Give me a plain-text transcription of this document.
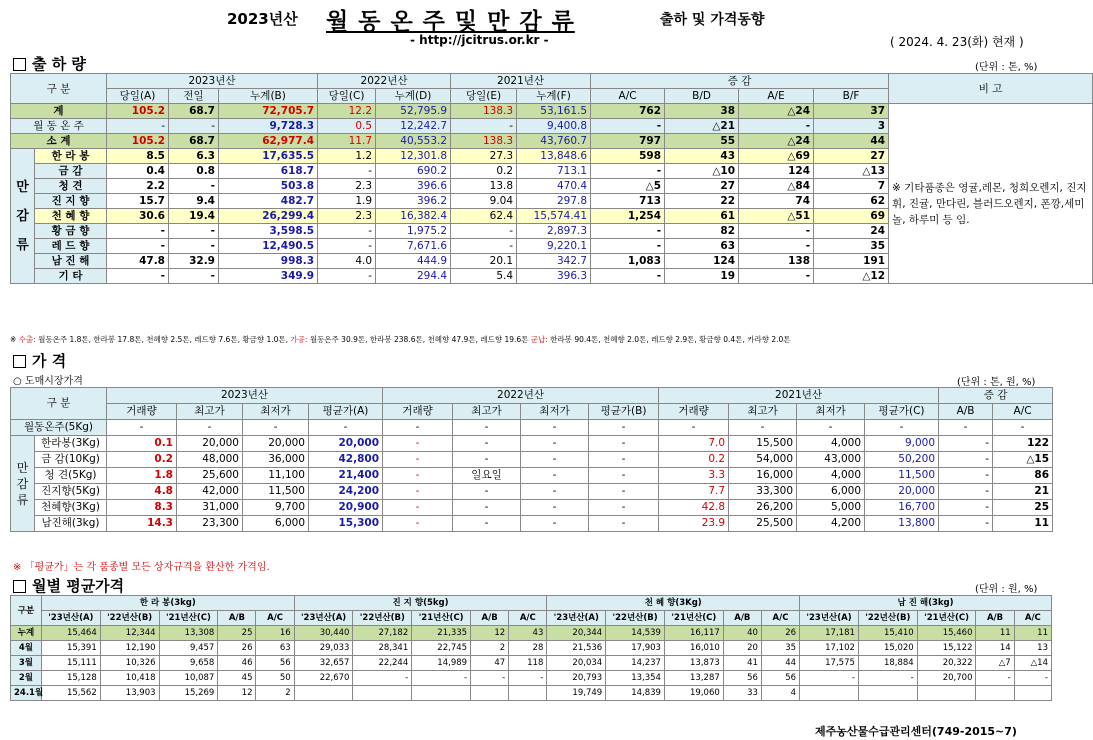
2023년산 월 동 온 주 및 만 감 류	출하 및 가격동향
- http://jcitrus.or.kr -	( 2024. 4. 23(화) 현재 )
출 하 량	(단위 : 톤, %)
구 분		2023년산			2022년산		2021년산		증 감				비 고
		당일(A)	전일	누계(B)	당일(C)	누계(D)	당일(E)	누계(F)	A/C	B/D	A/E	B/F	
계		105.2	68.7	72,705.7	12.2	52,795.9	138.3	53,161.5	762	38	△24	37	※ 기타품종은 영귤,레몬, 청희오렌지, 진지휘, 진귤, 만다린, 블러드오렌지, 폰깡,세미놀, 하루미 등 임.

월 동 온 주		-	-	9,728.3	0.5	12,242.7	-	9,400.8	-	△21	-	3	
소 계		105.2	68.7	62,977.4	11.7	40,553.2	138.3	43,760.7	797	55	△24	44	
만 감 류	한 라 봉	8.5	6.3	17,635.5	1.2	12,301.8	27.3	13,848.6	598	43	△69	27	
	금 감	0.4	0.8	618.7	-	690.2	0.2	713.1	-	△10	124	△13	
	청 견	2.2	-	503.8	2.3	396.6	13.8	470.4	△5	27	△84	7	
	진 지 향	15.7	9.4	482.7	1.9	396.2	9.04	297.8	713	22	74	62	
	천 혜 향	30.6	19.4	26,299.4	2.3	16,382.4	62.4	15,574.41	1,254	61	△51	69	
	황 금 향	-	-	3,598.5	-	1,975.2	-	2,897.3	-	82	-	24	
	레 드 향	-	-	12,490.5	-	7,671.6	-	9,220.1	-	63	-	35	
	남 진 해	47.8	32.9	998.3	4.0	444.9	20.1	342.7	1,083	124	138	191	
	기 타	-	-	349.9	-	294.4	5.4	396.3	-	19	-	△12	
※ 수출: 월동온주 1.8톤, 한라봉 17.8톤, 천혜향 2.5톤, 레드향 7.6톤, 황금향 1.0톤, 가공: 월동온주 30.9톤, 한라봉 238.6톤, 천혜향 47.9톤, 레드향 19.6톤 군납: 한라봉 90.4톤, 천혜향 2.0톤, 레드향 2.9톤, 황금향 0.4톤, 카라향 2.0톤
가 격
○ 도매시장가격	(단위 : 톤, 원, %)
구 분		2023년산				2022년산				2021년산				증 감	
		거래량	최고가	최저가	평균가(A)	거래량	최고가	최저가	평균가(B)	거래량	최고가	최저가	평균가(C)	A/B	A/C
월동온주(5Kg)		-	-	-	-	-	-	-	-	-	-	-	-	-	-
만 감 류	한라봉(3Kg)	0.1	20,000	20,000	20,000	-	-	-	-	7.0	15,500	4,000	9,000	-	122
	금 감(10Kg)	0.2	48,000	36,000	42,800	-	-	-	-	0.2	54,000	43,000	50,200	-	△15
	청 견(5Kg)	1.8	25,600	11,100	21,400	-	일요일	-	-	3.3	16,000	4,000	11,500	-	86
	진지향(5Kg)	4.8	42,000	11,500	24,200	-	-	-	-	7.7	33,300	6,000	20,000	-	21
	천혜향(3Kg)	8.3	31,000	9,700	20,900	-	-	-	-	42.8	26,200	5,000	16,700	-	25
	남진해(3kg)	14.3	23,300	6,000	15,300	-	-	-	-	23.9	25,500	4,200	13,800	-	11
※ 「평균가」는 각 품종별 모든 상자규격을 환산한 가격임.
월별 평균가격	(단위 : 원, %)
구분	한 라 봉(3kg)					진 지 향(5kg)					천 혜 향(3Kg)					남 진 해(3kg)				
	'23년산(A)	'22년산(B)	'21년산(C)	A/B	A/C	'23년산(A)	'22년산(B)	'21년산(C)	A/B	A/C	'23년산(A)	'22년산(B)	'21년산(C)	A/B	A/C	'23년산(A)	'22년산(B)	'21년산(C)	A/B	A/C
누계	15,464	12,344	13,308	25	16	30,440	27,182	21,335	12	43	20,344	14,539	16,117	40	26	17,181	15,410	15,460	11	11
4월	15,391	12,190	9,457	26	63	29,033	28,341	22,745	2	28	21,536	17,903	16,010	20	35	17,102	15,020	15,122	14	13
3월	15,111	10,326	9,658	46	56	32,657	22,244	14,989	47	118	20,034	14,237	13,873	41	44	17,575	18,884	20,322	△7	△14
2월	15,128	10,418	10,087	45	50	22,670	-	-	-	-	20,793	13,354	13,287	56	56	-	-	20,700	-	-
24.1월	15,562	13,903	15,269	12	2						19,749	14,839	19,060	33	4					
제주농산물수급관리센터(749-2015~7)
